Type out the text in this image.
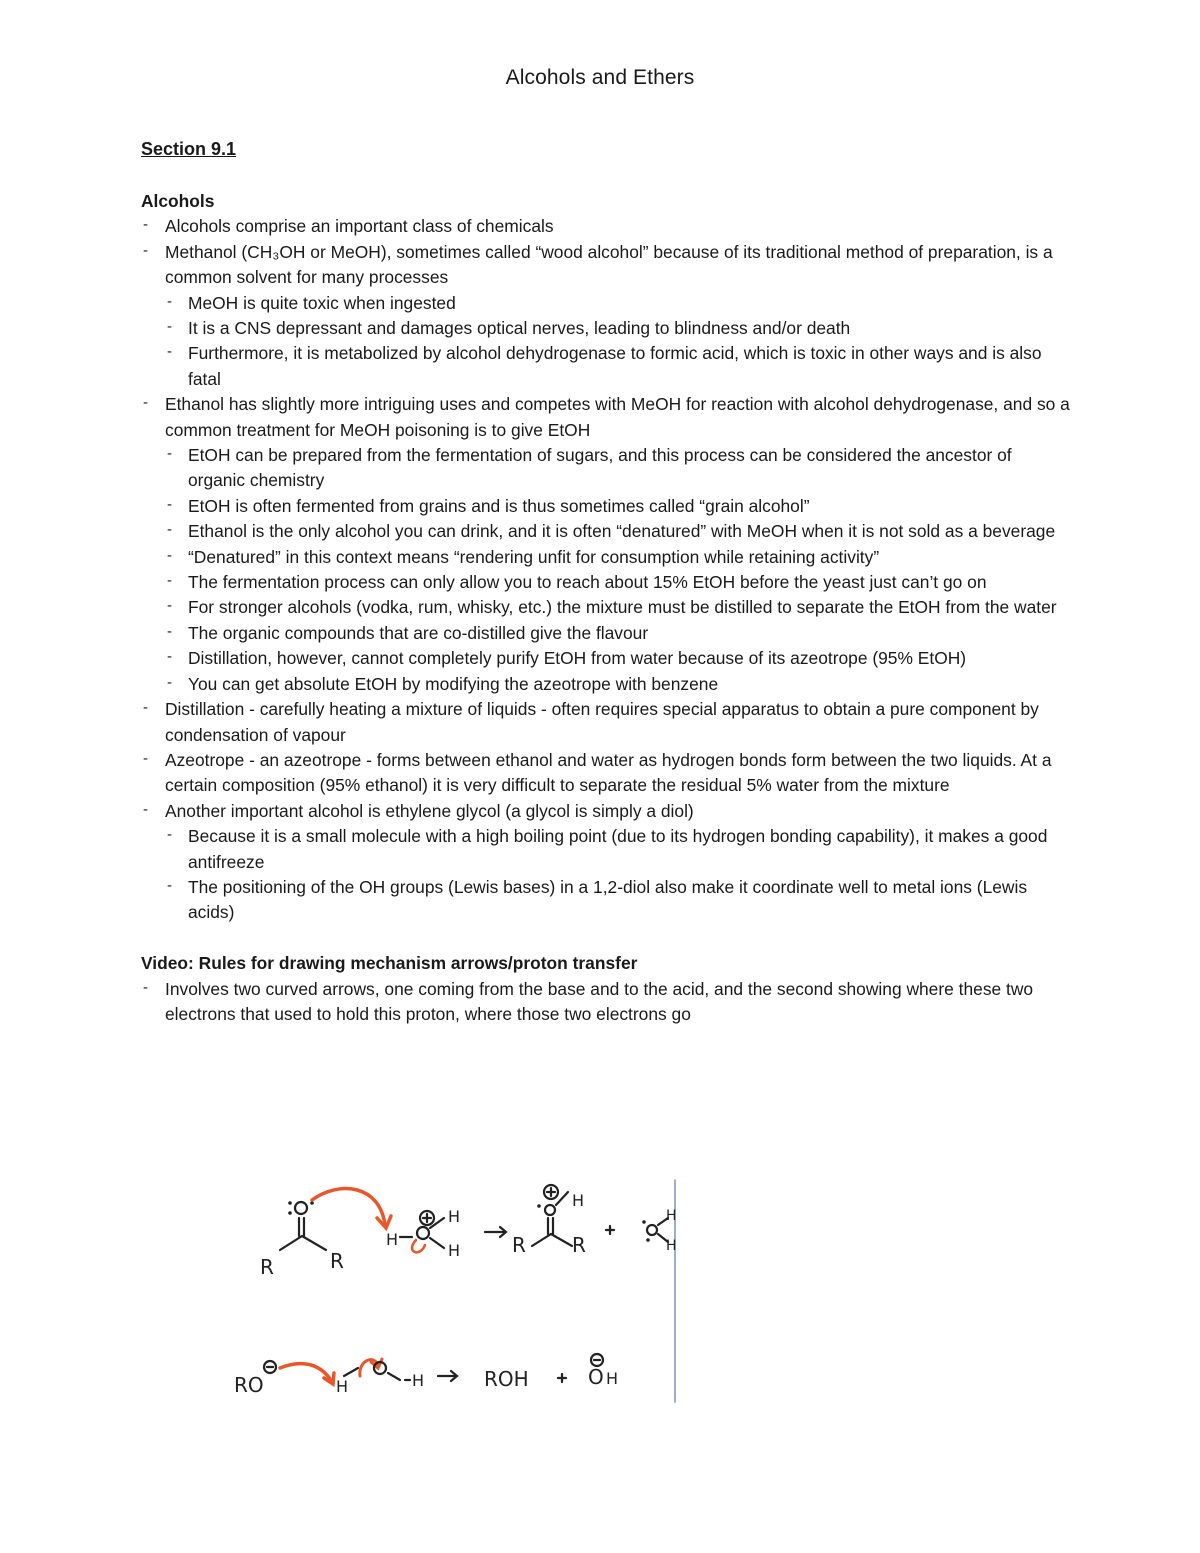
Alcohols and Ethers
Section 9.1
Alcohols
- Alcohols comprise an important class of chemicals
- Methanol (CH₃OH or MeOH), sometimes called “wood alcohol” because of its traditional method of preparation, is a common solvent for many processes
- MeOH is quite toxic when ingested
- It is a CNS depressant and damages optical nerves, leading to blindness and/or death
- Furthermore, it is metabolized by alcohol dehydrogenase to formic acid, which is toxic in other ways and is also fatal
- Ethanol has slightly more intriguing uses and competes with MeOH for reaction with alcohol dehydrogenase, and so a common treatment for MeOH poisoning is to give EtOH
- EtOH can be prepared from the fermentation of sugars, and this process can be considered the ancestor of organic chemistry
- EtOH is often fermented from grains and is thus sometimes called “grain alcohol”
- Ethanol is the only alcohol you can drink, and it is often “denatured” with MeOH when it is not sold as a beverage
- “Denatured” in this context means “rendering unfit for consumption while retaining activity”
- The fermentation process can only allow you to reach about 15% EtOH before the yeast just can’t go on
- For stronger alcohols (vodka, rum, whisky, etc.) the mixture must be distilled to separate the EtOH from the water
- The organic compounds that are co-distilled give the flavour
- Distillation, however, cannot completely purify EtOH from water because of its azeotrope (95% EtOH)
- You can get absolute EtOH by modifying the azeotrope with benzene
- Distillation - carefully heating a mixture of liquids - often requires special apparatus to obtain a pure component by condensation of vapour
- Azeotrope - an azeotrope - forms between ethanol and water as hydrogen bonds form between the two liquids. At a certain composition (95% ethanol) it is very difficult to separate the residual 5% water from the mixture
- Another important alcohol is ethylene glycol (a glycol is simply a diol)
- Because it is a small molecule with a high boiling point (due to its hydrogen bonding capability), it makes a good antifreeze
- The positioning of the OH groups (Lewis bases) in a 1,2-diol also make it coordinate well to metal ions (Lewis acids)
Video: Rules for drawing mechanism arrows/proton transfer
- Involves two curved arrows, one coming from the base and to the acid, and the second showing where these two electrons that used to hold this proton, where those two electrons go
R	R
H
H
H
H
R R
H
H
RO	H	H	ROH	O H
